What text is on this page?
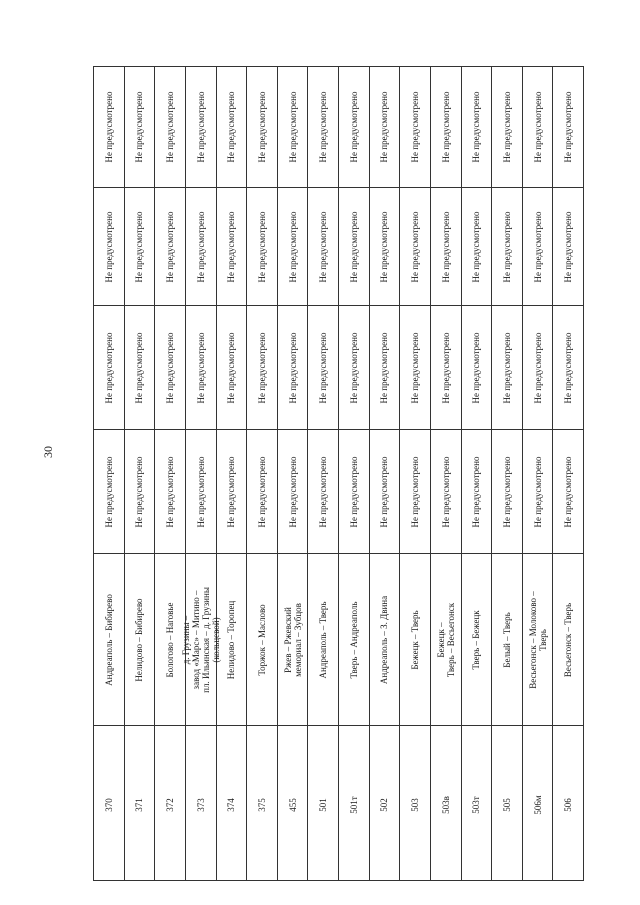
30
Не предусмотрено
Не предусмотрено
Не предусмотрено
Не предусмотрено
Андреаполь – Бибирево
370
Не предусмотрено
Не предусмотрено
Не предусмотрено
Не предусмотрено
Нелидово – Бибирево
371
Не предусмотрено
Не предусмотрено
Не предусмотрено
Не предусмотрено
Бологово – Наговье
372
Не предусмотрено
Не предусмотрено
Не предусмотрено
Не предусмотрено
д. Грузины –
завод «Марс» – Митино –
пл. Ильинская – д. Грузины
(кольцевой)
373
Не предусмотрено
Не предусмотрено
Не предусмотрено
Не предусмотрено
Нелидово – Торопец
374
Не предусмотрено
Не предусмотрено
Не предусмотрено
Не предусмотрено
Торжок – Маслово
375
Не предусмотрено
Не предусмотрено
Не предусмотрено
Не предусмотрено
Ржев – Ржевский
мемориал – Зубцов
455
Не предусмотрено
Не предусмотрено
Не предусмотрено
Не предусмотрено
Андреаполь – Тверь
501
Не предусмотрено
Не предусмотрено
Не предусмотрено
Не предусмотрено
Тверь – Андреаполь
501т
Не предусмотрено
Не предусмотрено
Не предусмотрено
Не предусмотрено
Андреаполь – З. Двина
502
Не предусмотрено
Не предусмотрено
Не предусмотрено
Не предусмотрено
Бежецк – Тверь
503
Не предусмотрено
Не предусмотрено
Не предусмотрено
Не предусмотрено
Бежецк –
Тверь – Весьегонск
503в
Не предусмотрено
Не предусмотрено
Не предусмотрено
Не предусмотрено
Тверь – Бежецк
503т
Не предусмотрено
Не предусмотрено
Не предусмотрено
Не предусмотрено
Белый – Тверь
505
Не предусмотрено
Не предусмотрено
Не предусмотрено
Не предусмотрено
Весьегонск – Молоково –
Тверь
506м
Не предусмотрено
Не предусмотрено
Не предусмотрено
Не предусмотрено
Весьегонск – Тверь
506
